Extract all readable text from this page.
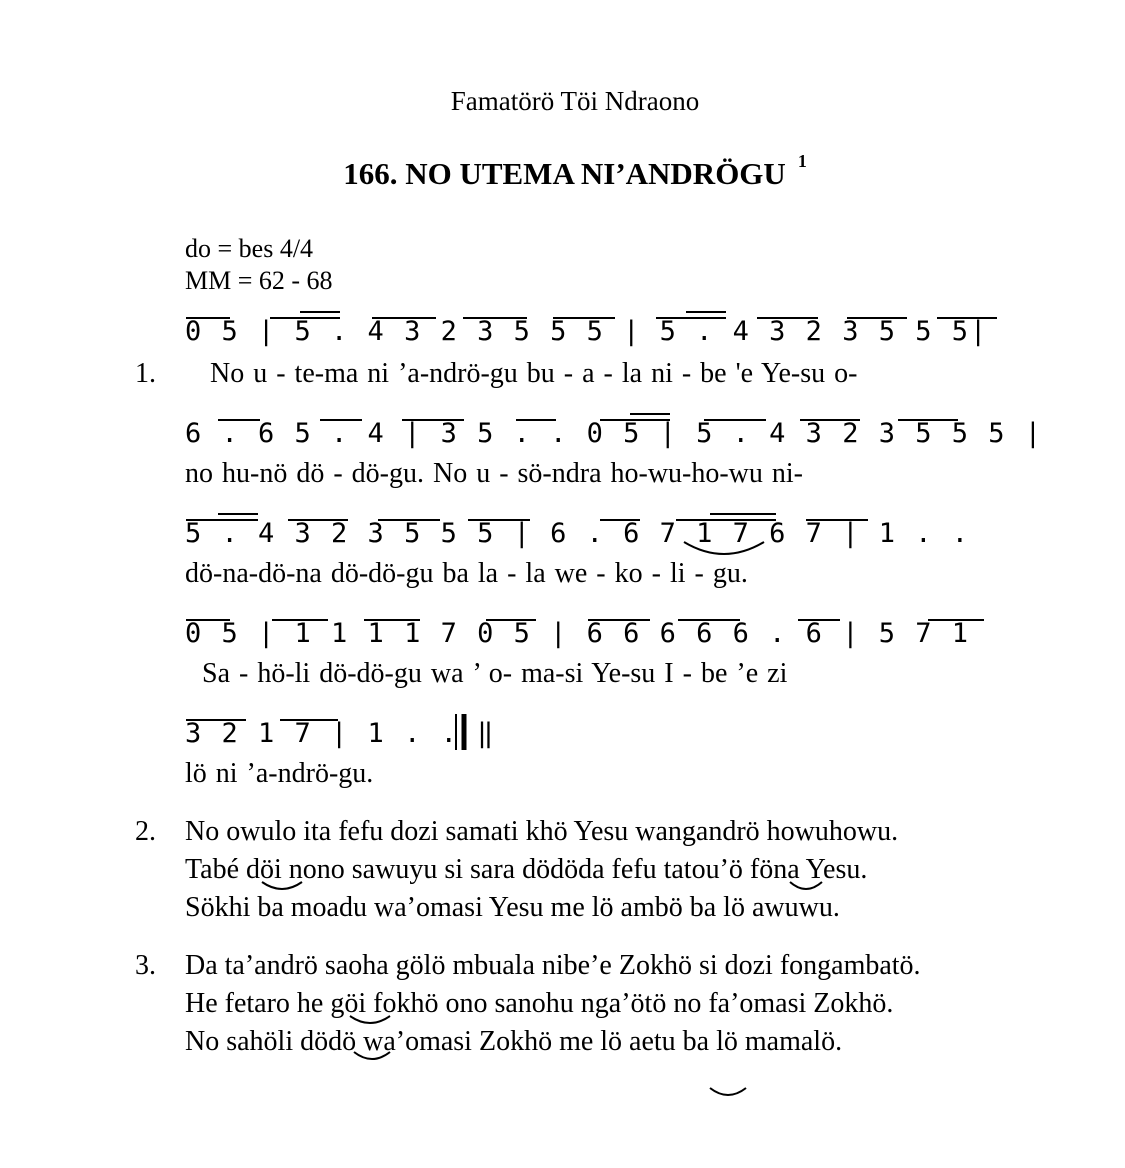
Famatörö Töi Ndraono
166. NO UTEMA NI’ANDRÖGU $^1$
do = bes 4/4
MM = 62 - 68
0 5 | 5 . 4 3 2 3 5 5 5 | 5 . 4 3 2 3 5 5 5|
1. No u - te-ma ni ’a-ndrö-gu bu - a - la ni - be 'e Ye-su o-
6 . 6 5 . 4 | 3 5 . . 0 5 | 5 . 4 3 2 3 5 5 5 |
no hu-nö dö - dö-gu. No u - sö-ndra ho-wu-ho-wu ni-
5 . 4 3 2 3 5 5 5 | 6 . 6 7 1 7 6 7 | 1 . .
dö-na-dö-na dö-dö-gu ba la - la we - ko - li - gu.
0 5 | 1 1 1 1 7 0 5 | 6 6 6 6 6 . 6 | 5 7 1
Sa - hö-li dö-dö-gu wa ’ o- ma-si Ye-su I - be ’e zi
3 2 1 7 | 1 . . ‖
lö ni ’a-ndrö-gu.
2. No owulo ita fefu dozi samati khö Yesu wangandrö howuhowu.
Tabé döi nono sawuyu si sara dödöda fefu tatou’ö föna Yesu.
Sökhi ba moadu wa’omasi Yesu me lö ambö ba lö awuwu.
3. Da ta’andrö saoha gölö mbuala nibe’e Zokhö si dozi fongambatö.
He fetaro he göi fokhö ono sanohu nga’ötö no fa’omasi Zokhö.
No sahöli dödö wa’omasi Zokhö me lö aetu ba lö mamalö.
